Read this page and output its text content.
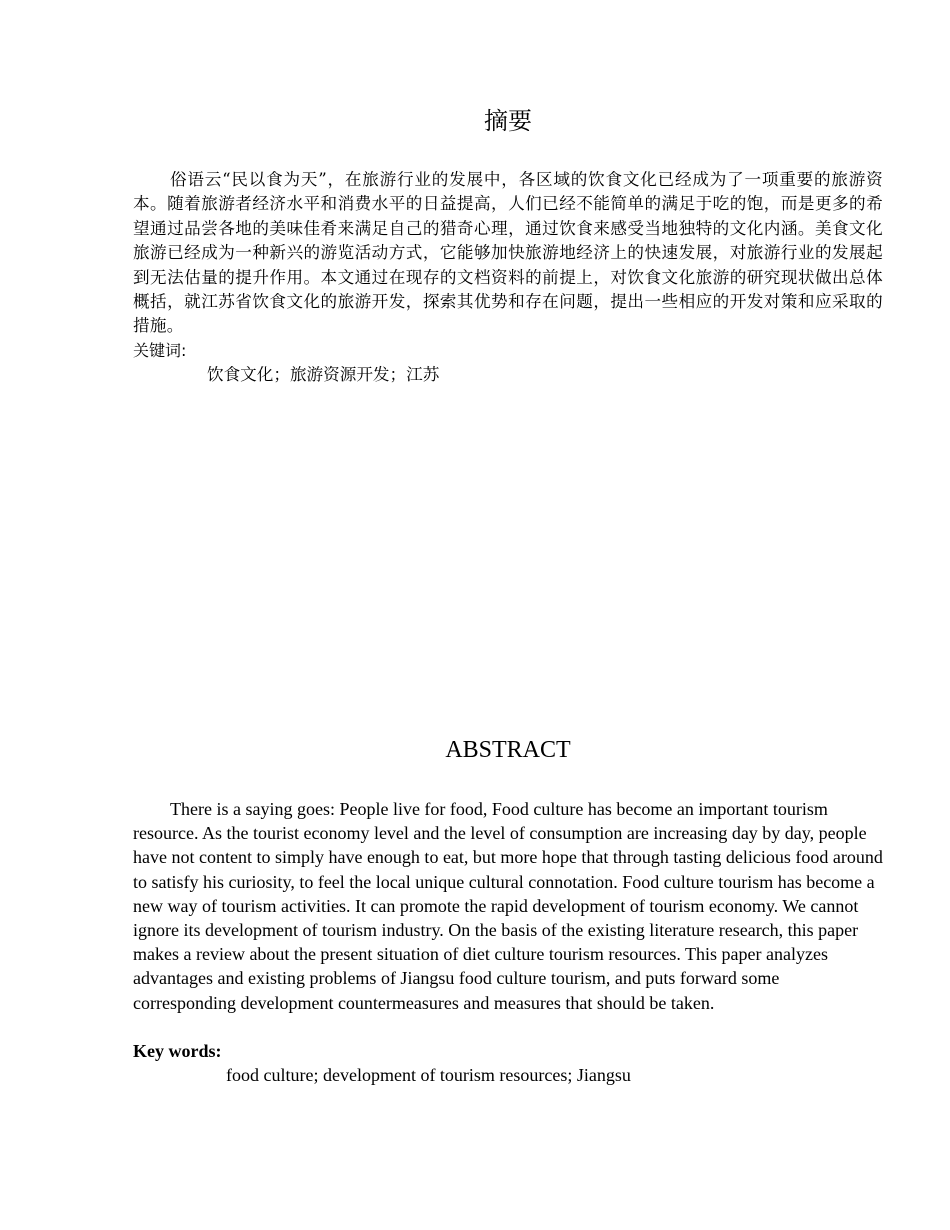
摘要
俗语云“民以食为天”，在旅游行业的发展中，各区域的饮食文化已经成为了一项重要的旅游资本。随着旅游者经济水平和消费水平的日益提高，人们已经不能简单的满足于吃的饱，而是更多的希望通过品尝各地的美味佳肴来满足自己的猎奇心理，通过饮食来感受当地独特的文化内涵。美食文化旅游已经成为一种新兴的游览活动方式，它能够加快旅游地经济上的快速发展，对旅游行业的发展起到无法估量的提升作用。本文通过在现存的文档资料的前提上，对饮食文化旅游的研究现状做出总体概括，就江苏省饮食文化的旅游开发，探索其优势和存在问题，提出一些相应的开发对策和应采取的措施。
关键词:
饮食文化；旅游资源开发；江苏
ABSTRACT
There is a saying goes: People live for food, Food culture has become an important tourism resource. As the tourist economy level and the level of consumption are increasing day by day, people have not content to simply have enough to eat, but more hope that through tasting delicious food around to satisfy his curiosity, to feel the local unique cultural connotation. Food culture tourism has become a new way of tourism activities. It can promote the rapid development of tourism economy. We cannot ignore its development of tourism industry. On the basis of the existing literature research, this paper makes a review about the present situation of diet culture tourism resources. This paper analyzes advantages and existing problems of Jiangsu food culture tourism, and puts forward some corresponding development countermeasures and measures that should be taken.
Key words:
food culture; development of tourism resources; Jiangsu
